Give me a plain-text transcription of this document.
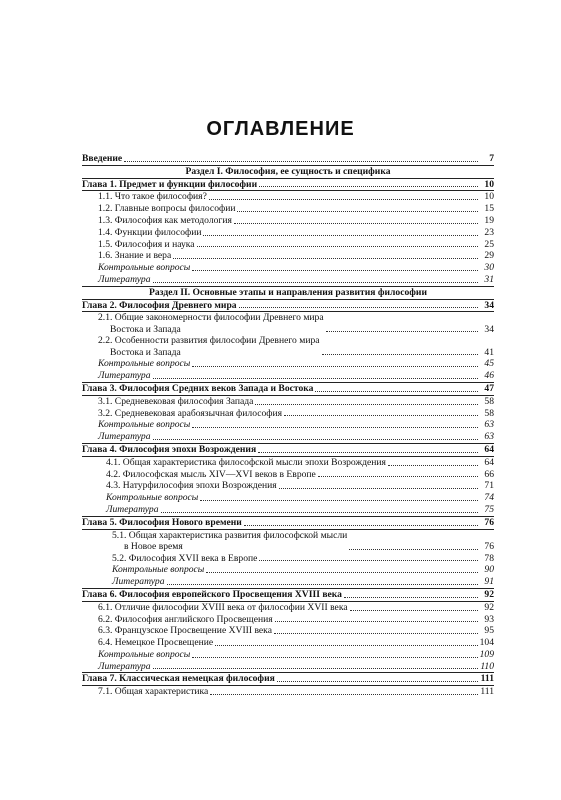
ОГЛАВЛЕНИЕ
Введение	7
Раздел I. Философия, ее сущность и специфика
Глава 1. Предмет и функции философии	10
1.1. Что такое философия?	10
1.2. Главные вопросы философии	15
1.3. Философия как методология	19
1.4. Функции философии	23
1.5. Философия и наука	25
1.6. Знание и вера	29
Контрольные вопросы	30
Литература	31
Раздел II. Основные этапы и направления развития философии
Глава 2. Философия Древнего мира	34
2.1. Общие закономерности философии Древнего мира
Востока и Запада	34
2.2. Особенности развития философии Древнего мира
Востока и Запада	41
Контрольные вопросы	45
Литература	46
Глава 3. Философия Средних веков Запада и Востока	47
3.1. Средневековая философия Запада	58
3.2. Средневековая арабоязычная философия	58
Контрольные вопросы	63
Литература	63
Глава 4. Философия эпохи Возрождения	64
4.1. Общая характеристика философской мысли эпохи Возрождения	64
4.2. Философская мысль XIV—XVI веков в Европе	66
4.3. Натурфилософия эпохи Возрождения	71
Контрольные вопросы	74
Литература	75
Глава 5. Философия Нового времени	76
5.1. Общая характеристика развития философской мысли
в Новое время	76
5.2. Философия XVII века в Европе	78
Контрольные вопросы	90
Литература	91
Глава 6. Философия европейского Просвещения XVIII века	92
6.1. Отличие философии XVIII века от философии XVII века	92
6.2. Философия английского Просвещения	93
6.3. Французское Просвещение XVIII века	95
6.4. Немецкое Просвещение	104
Контрольные вопросы	109
Литература	110
Глава 7. Классическая немецкая философия	111
7.1. Общая характеристика	111
